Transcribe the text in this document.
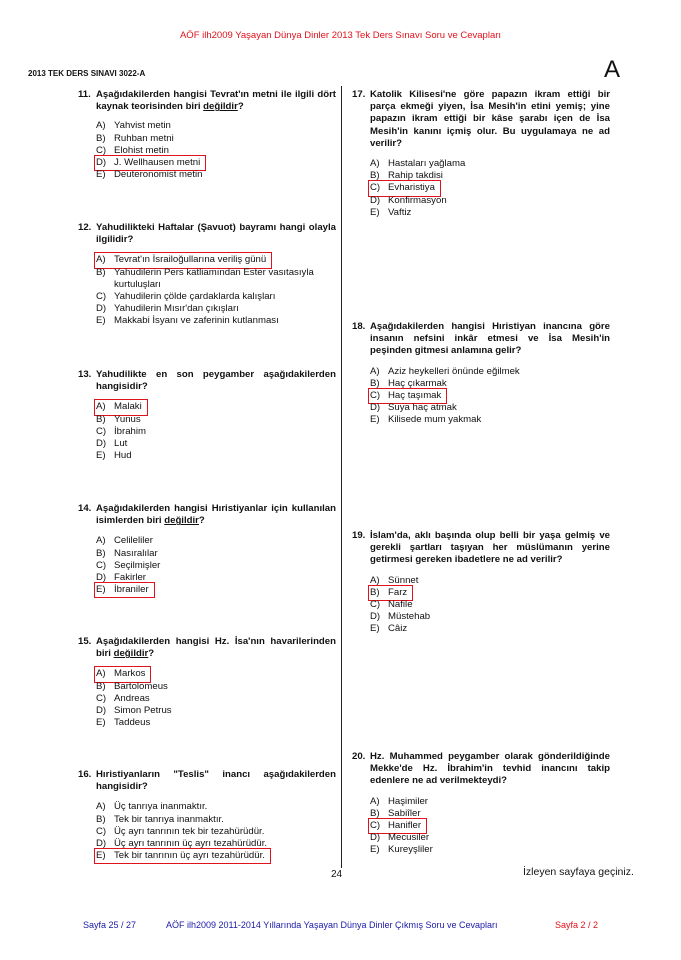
AÖF ilh2009 Yaşayan Dünya Dinler 2013 Tek Ders Sınavı Soru ve Cevapları
2013 TEK DERS SINAVI 3022-A	A
11. Aşağıdakilerden hangisi Tevrat'ın metni ile ilgili dört kaynak teorisinden biri değildir?
A) Yahvist metin
B) Ruhban metni
C) Elohist metin
D) J. Wellhausen metni
E) Deuteronomist metin
12. Yahudilikteki Haftalar (Şavuot) bayramı hangi olayla ilgilidir?
A) Tevrat'ın İsrailoğullarına veriliş günü
B) Yahudilerin Pers katliamından Ester vasıtasıyla kurtuluşları
C) Yahudilerin çölde çardaklarda kalışları
D) Yahudilerin Mısır'dan çıkışları
E) Makkabi İsyanı ve zaferinin kutlanması
13. Yahudilikte en son peygamber aşağıdakilerden hangisidir?
A) Malaki
B) Yunus
C) İbrahim
D) Lut
E) Hud
14. Aşağıdakilerden hangisi Hıristiyanlar için kullanılan isimlerden biri değildir?
A) Celileliler
B) Nasıralılar
C) Seçilmişler
D) Fakirler
E) İbraniler
15. Aşağıdakilerden hangisi Hz. İsa'nın havarilerinden biri değildir?
A) Markos
B) Bartolomeus
C) Andreas
D) Simon Petrus
E) Taddeus
16. Hıristiyanların "Teslis" inancı aşağıdakilerden hangisidir?
A) Üç tanrıya inanmaktır.
B) Tek bir tanrıya inanmaktır.
C) Üç ayrı tanrının tek bir tezahürüdür.
D) Üç ayrı tanrının üç ayrı tezahürüdür.
E) Tek bir tanrının üç ayrı tezahürüdür.
17. Katolik Kilisesi'ne göre papazın ikram ettiği bir parça ekmeği yiyen, İsa Mesih'in etini yemiş; yine papazın ikram ettiği bir kâse şarabı içen de İsa Mesih'in kanını içmiş olur. Bu uygulamaya ne ad verilir?
A) Hastaları yağlama
B) Rahip takdisi
C) Evharistiya
D) Konfirmasyon
E) Vaftiz
18. Aşağıdakilerden hangisi Hıristiyan inancına göre insanın nefsini inkâr etmesi ve İsa Mesih'in peşinden gitmesi anlamına gelir?
A) Aziz heykelleri önünde eğilmek
B) Haç çıkarmak
C) Haç taşımak
D) Suya haç atmak
E) Kilisede mum yakmak
19. İslam'da, aklı başında olup belli bir yaşa gelmiş ve gerekli şartları taşıyan her müslümanın yerine getirmesi gereken ibadetlere ne ad verilir?
A) Sünnet
B) Farz
C) Nafile
D) Müstehab
E) Câiz
20. Hz. Muhammed peygamber olarak gönderildiğinde Mekke'de Hz. İbrahim'in tevhid inancını takip edenlere ne ad verilmekteydi?
A) Haşimiler
B) Sabiîler
C) Hanifler
D) Mecusiler
E) Kureyşliler
24	İzleyen sayfaya geçiniz.
Sayfa 25 / 27	AÖF ilh2009 2011-2014 Yıllarında Yaşayan Dünya Dinler Çıkmış Soru ve Cevapları	Sayfa 2 / 2
